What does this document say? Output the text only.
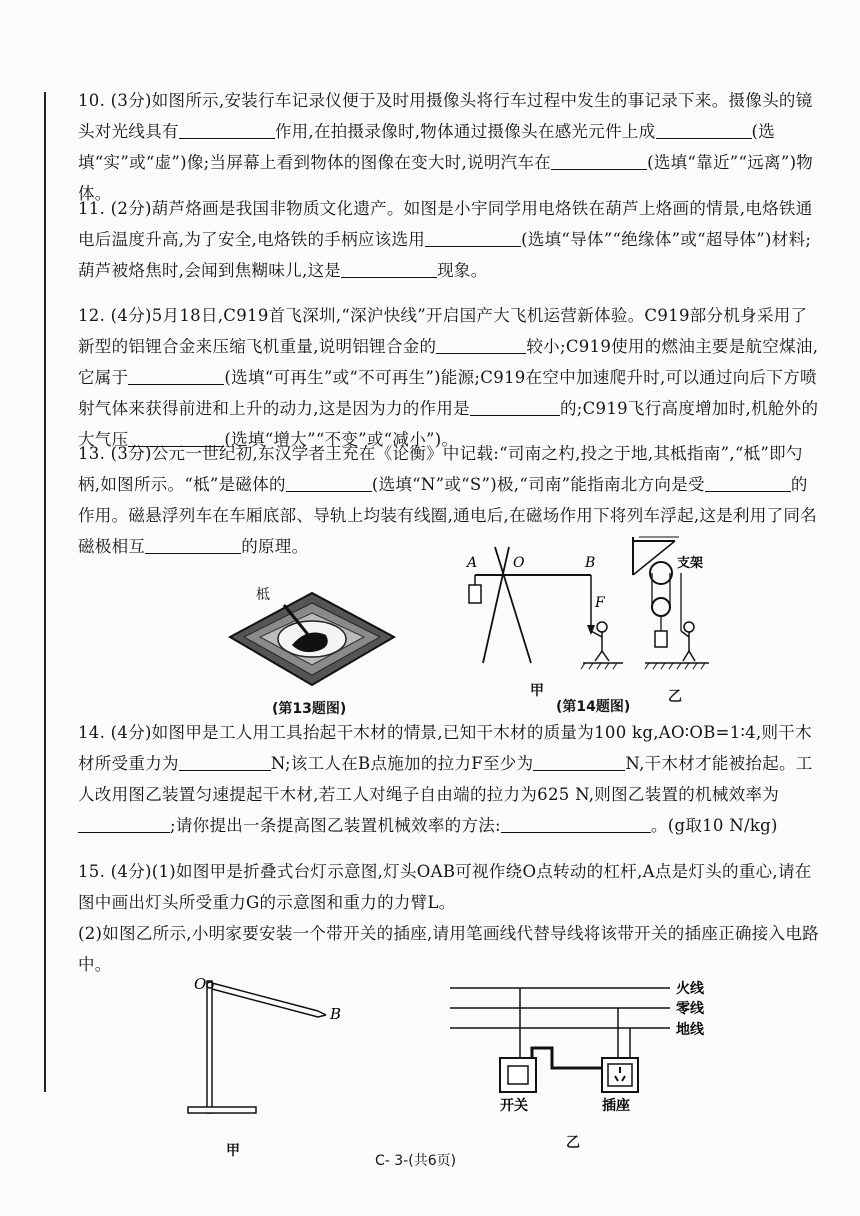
10. (3分)如图所示,安装行车记录仪便于及时用摄像头将行车过程中发生的事记录下来。摄像头的镜头对光线具有	作用,在拍摄录像时,物体通过摄像头在感光元件上成	(选填“实”或“虚”)像;当屏幕上看到物体的图像在变大时,说明汽车在	(选填“靠近”“远离”)物体。

11. (2分)葫芦烙画是我国非物质文化遗产。如图是小宇同学用电烙铁在葫芦上烙画的情景,电烙铁通电后温度升高,为了安全,电烙铁的手柄应该选用	(选填“导体”“绝缘体”或“超导体”)材料;葫芦被烙焦时,会闻到焦糊味儿,这是	现象。

12. (4分)5月18日,C919首飞深圳,“深沪快线”开启国产大飞机运营新体验。C919部分机身采用了新型的铝锂合金来压缩飞机重量,说明铝锂合金的	较小;C919使用的燃油主要是航空煤油,它属于	(选填“可再生”或“不可再生”)能源;C919在空中加速爬升时,可以通过向后下方喷射气体来获得前进和上升的动力,这是因为力的作用是	的;C919飞行高度增加时,机舱外的大气压	(选填“增大”“不变”或“减小”)。

13. (3分)公元一世纪初,东汉学者王充在《论衡》中记载:“司南之杓,投之于地,其柢指南”,“柢”即勺柄,如图所示。“柢”是磁体的	(选填“N”或“S”)极,“司南”能指南北方向是受	的作用。磁悬浮列车在车厢底部、导轨上均装有线圈,通电后,在磁场作用下将列车浮起,这是利用了同名磁极相互	的原理。

柢
(第13题图)
A	O	B
F
支架
甲
(第14题图)
乙

14. (4分)如图甲是工人用工具抬起干木材的情景,已知干木材的质量为100 kg,AO∶OB=1∶4,则干木材所受重力为	N;该工人在B点施加的拉力F至少为	N,干木材才能被抬起。工人改用图乙装置匀速提起干木材,若工人对绳子自由端的拉力为625 N,则图乙装置的机械效率为;请你提出一条提高图乙装置机械效率的方法:	。(g取10 N/kg)

15. (4分)(1)如图甲是折叠式台灯示意图,灯头OAB可视作绕O点转动的杠杆,A点是灯头的重心,请在图中画出灯头所受重力G的示意图和重力的力臂L。

(2)如图乙所示,小明家要安装一个带开关的插座,请用笔画线代替导线将该带开关的插座正确接入电路中。

O
B
甲
火线
零线
地线
开关	插座
乙
C- 3-(共6页)
